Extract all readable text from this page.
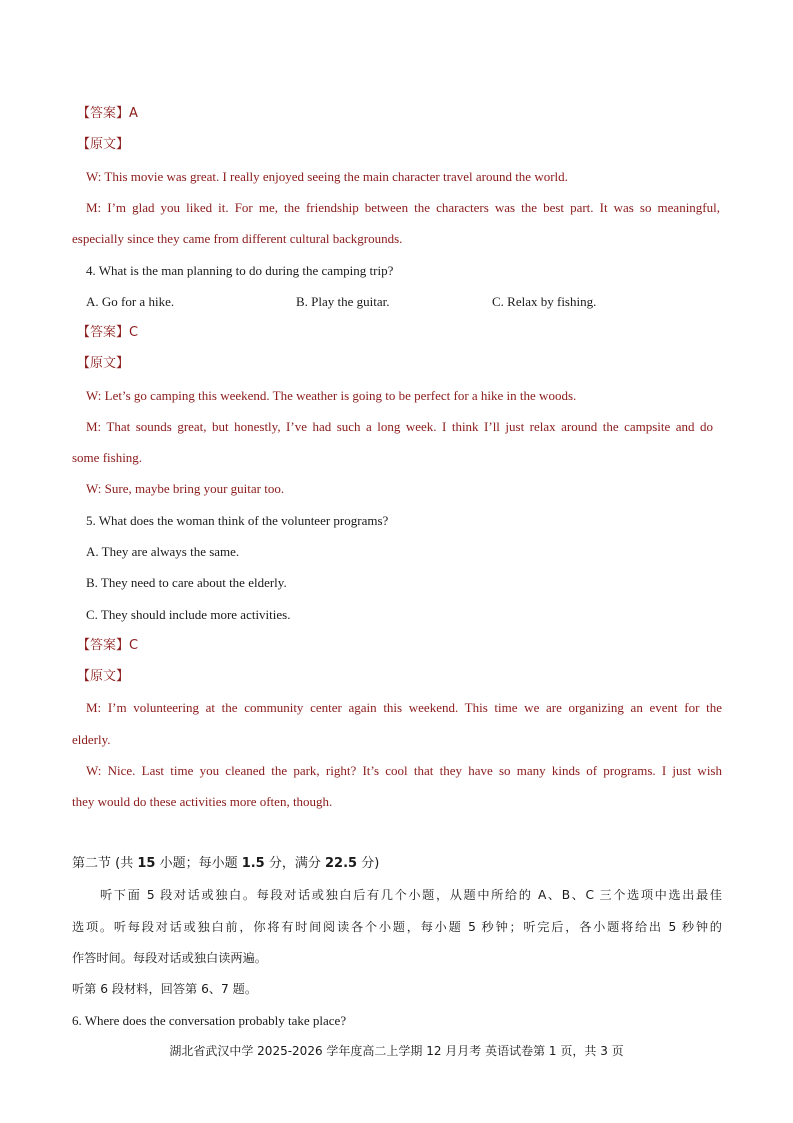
【答案】A
【原文】
W: This movie was great. I really enjoyed seeing the main character travel around the world.
M: I’m glad you liked it. For me, the friendship between the characters was the best part. It was so meaningful,
especially since they came from different cultural backgrounds.
4. What is the man planning to do during the camping trip?
A. Go for a hike.	B. Play the guitar.	C. Relax by fishing.
【答案】C
【原文】
W: Let’s go camping this weekend. The weather is going to be perfect for a hike in the woods.
M: That sounds great, but honestly, I’ve had such a long week. I think I’ll just relax around the campsite and do
some fishing.
W: Sure, maybe bring your guitar too.
5. What does the woman think of the volunteer programs?
A. They are always the same.
B. They need to care about the elderly.
C. They should include more activities.
【答案】C
【原文】
M: I’m volunteering at the community center again this weekend. This time we are organizing an event for the
elderly.
W: Nice. Last time you cleaned the park, right? It’s cool that they have so many kinds of programs. I just wish
they would do these activities more often, though.
第二节 (共 15 小题；每小题 1.5 分，满分 22.5 分)
听下面 5 段对话或独白。每段对话或独白后有几个小题，从题中所给的 A、B、C 三个选项中选出最佳
选项。听每段对话或独白前，你将有时间阅读各个小题，每小题 5 秒钟；听完后，各小题将给出 5 秒钟的
作答时间。每段对话或独白读两遍。
听第 6 段材料，回答第 6、7 题。
6. Where does the conversation probably take place?
湖北省武汉中学 2025-2026 学年度高二上学期 12 月月考 英语试卷第 1 页，共 3 页
